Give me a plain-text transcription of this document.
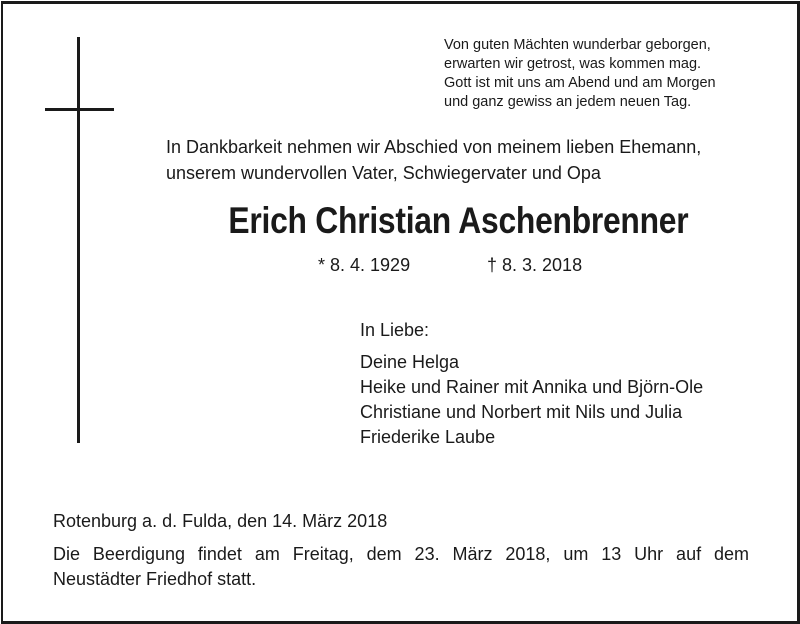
Von guten Mächten wunderbar geborgen,
erwarten wir getrost, was kommen mag.
Gott ist mit uns am Abend und am Morgen
und ganz gewiss an jedem neuen Tag.
In Dankbarkeit nehmen wir Abschied von meinem lieben Ehemann,
unserem wundervollen Vater, Schwiegervater und Opa
Erich Christian Aschenbrenner
* 8. 4. 1929	† 8. 3. 2018
In Liebe:
Deine Helga
Heike und Rainer mit Annika und Björn-Ole
Christiane und Norbert mit Nils und Julia
Friederike Laube
Rotenburg a. d. Fulda, den 14. März 2018
Die Beerdigung findet am Freitag, dem 23. März 2018, um 13 Uhr auf dem
Neustädter Friedhof statt.
